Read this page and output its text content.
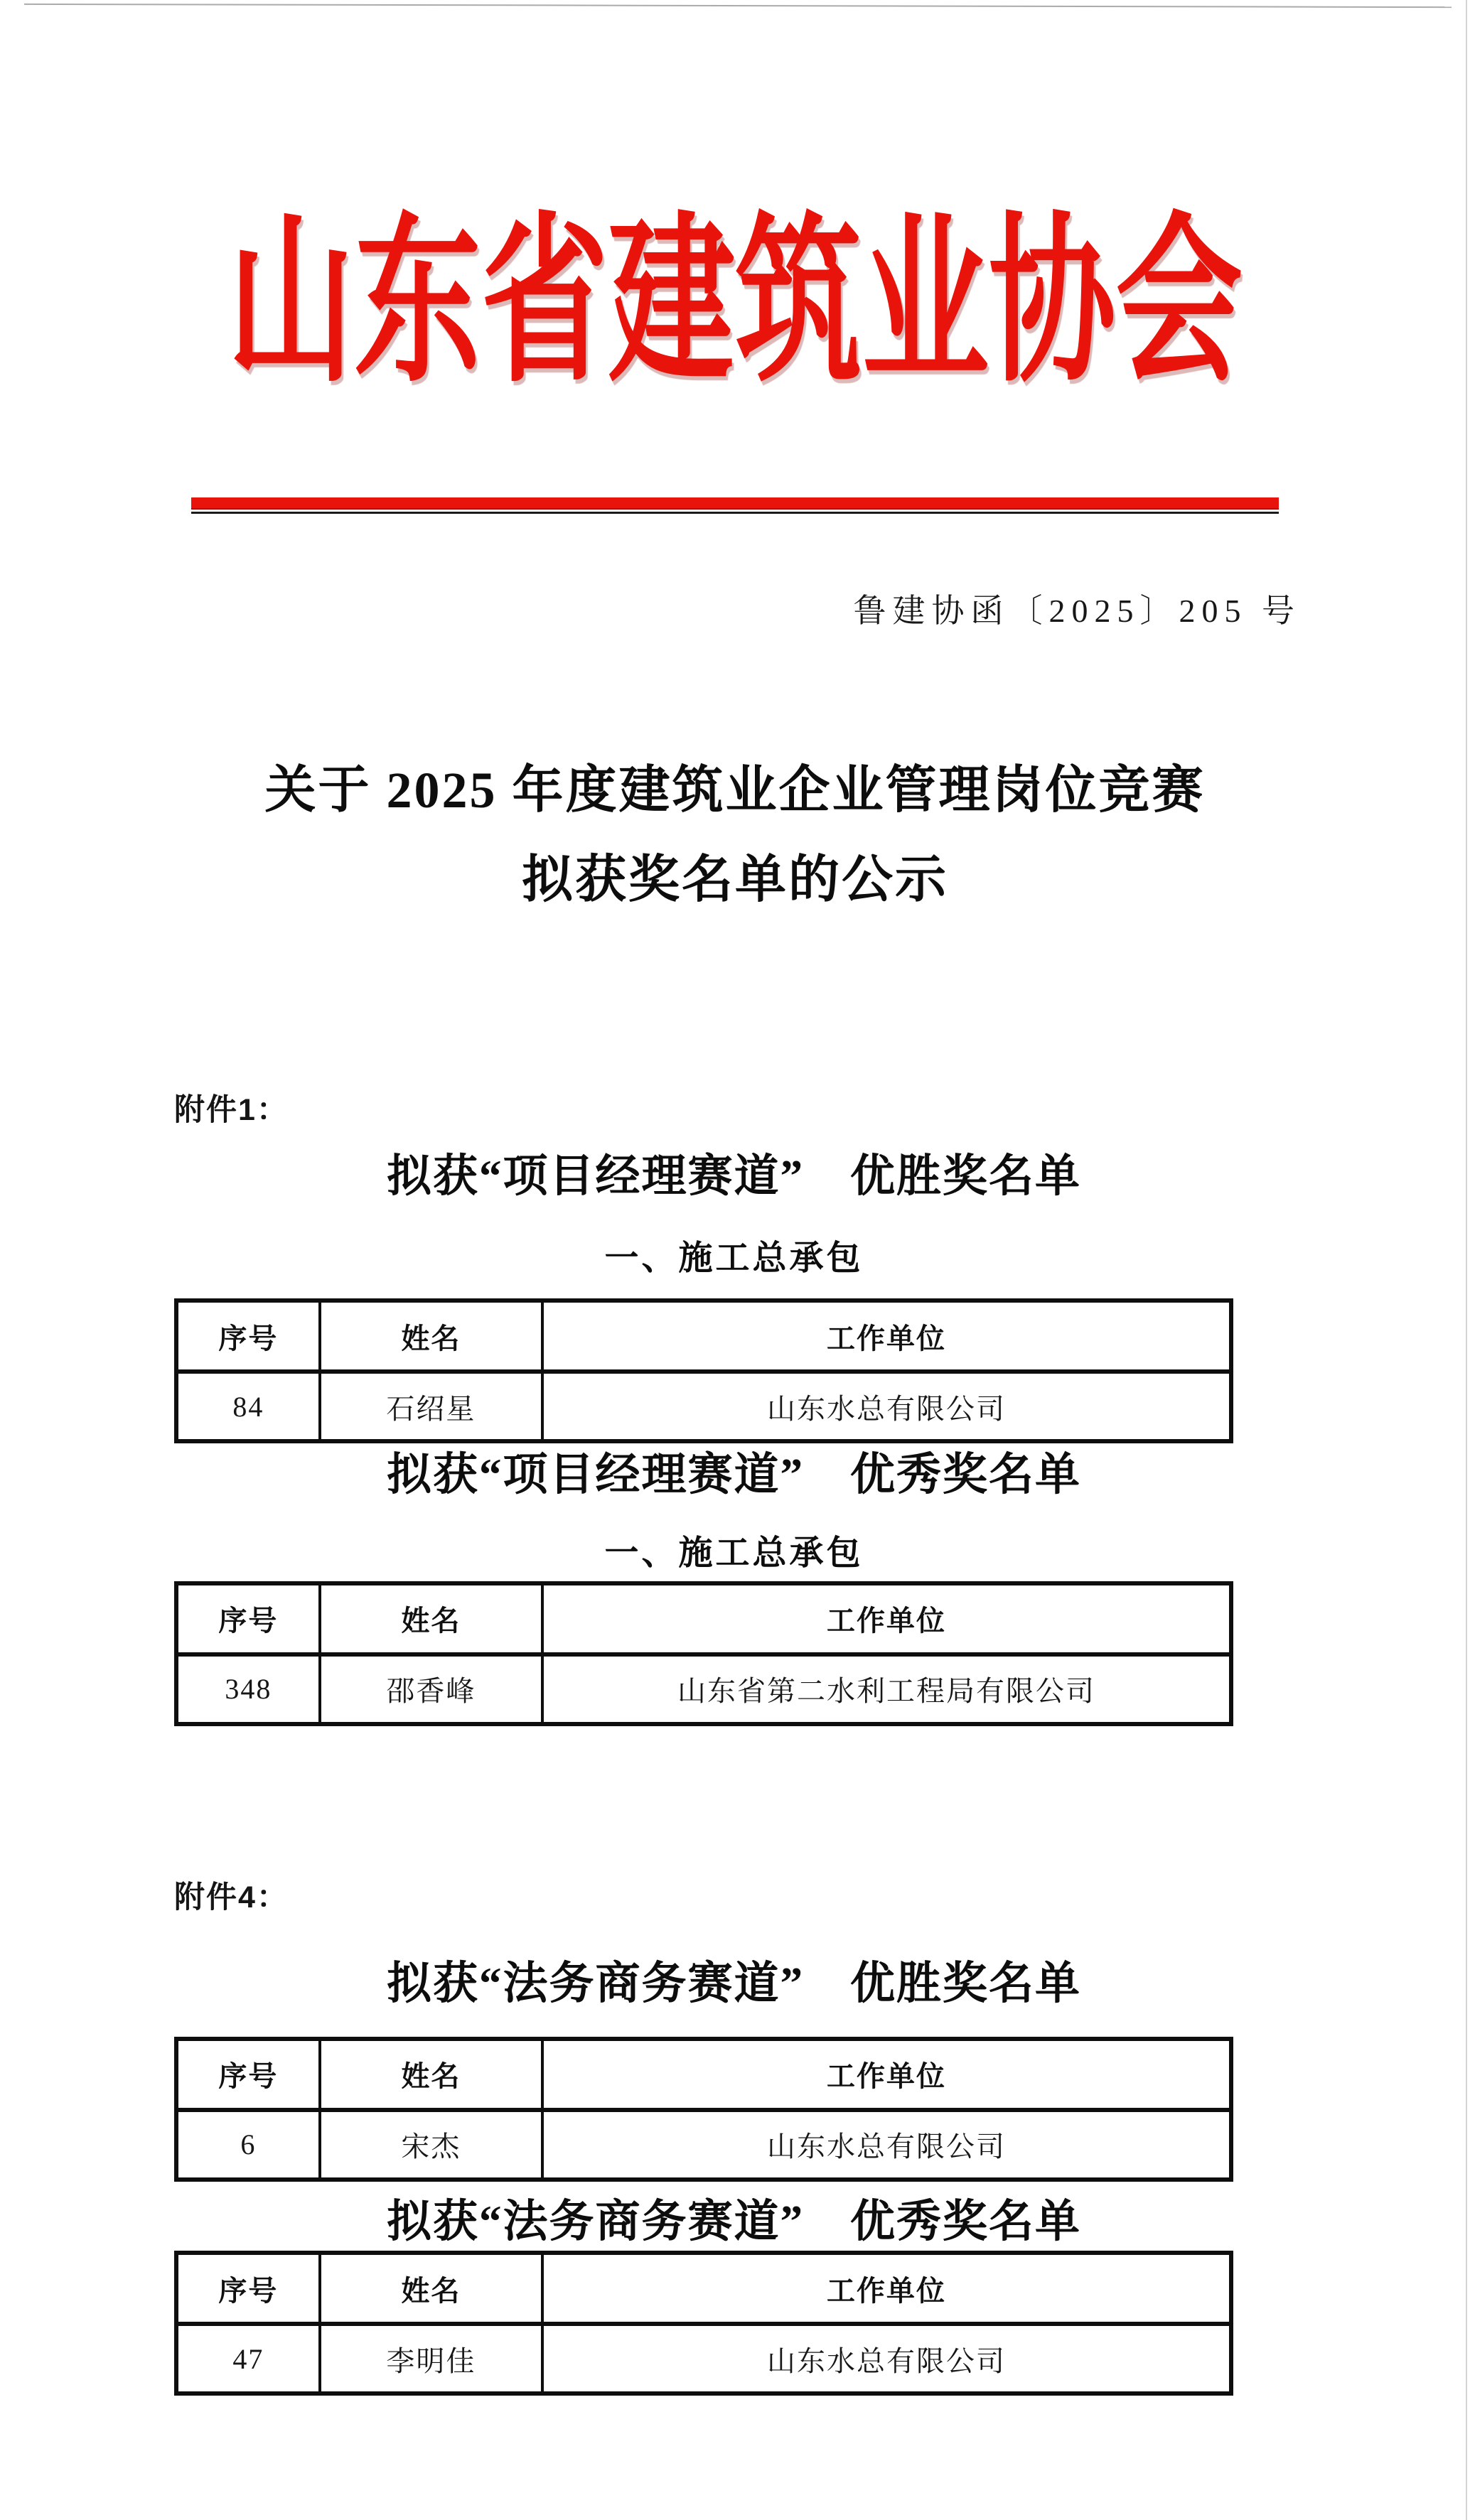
山东省建筑业协会
鲁建协函〔2025〕205 号
关于 2025 年度建筑业企业管理岗位竞赛
拟获奖名单的公示
附件1：
拟获“项目经理赛道”　优胜奖名单
一、施工总承包
序号	姓名	工作单位
84	石绍星	山东水总有限公司
拟获“项目经理赛道”　优秀奖名单
一、施工总承包
序号	姓名	工作单位
348	邵香峰	山东省第二水利工程局有限公司
附件4：
拟获“法务商务赛道”　优胜奖名单
序号	姓名	工作单位
6	宋杰	山东水总有限公司
拟获“法务商务赛道”　优秀奖名单
序号	姓名	工作单位
47	李明佳	山东水总有限公司
